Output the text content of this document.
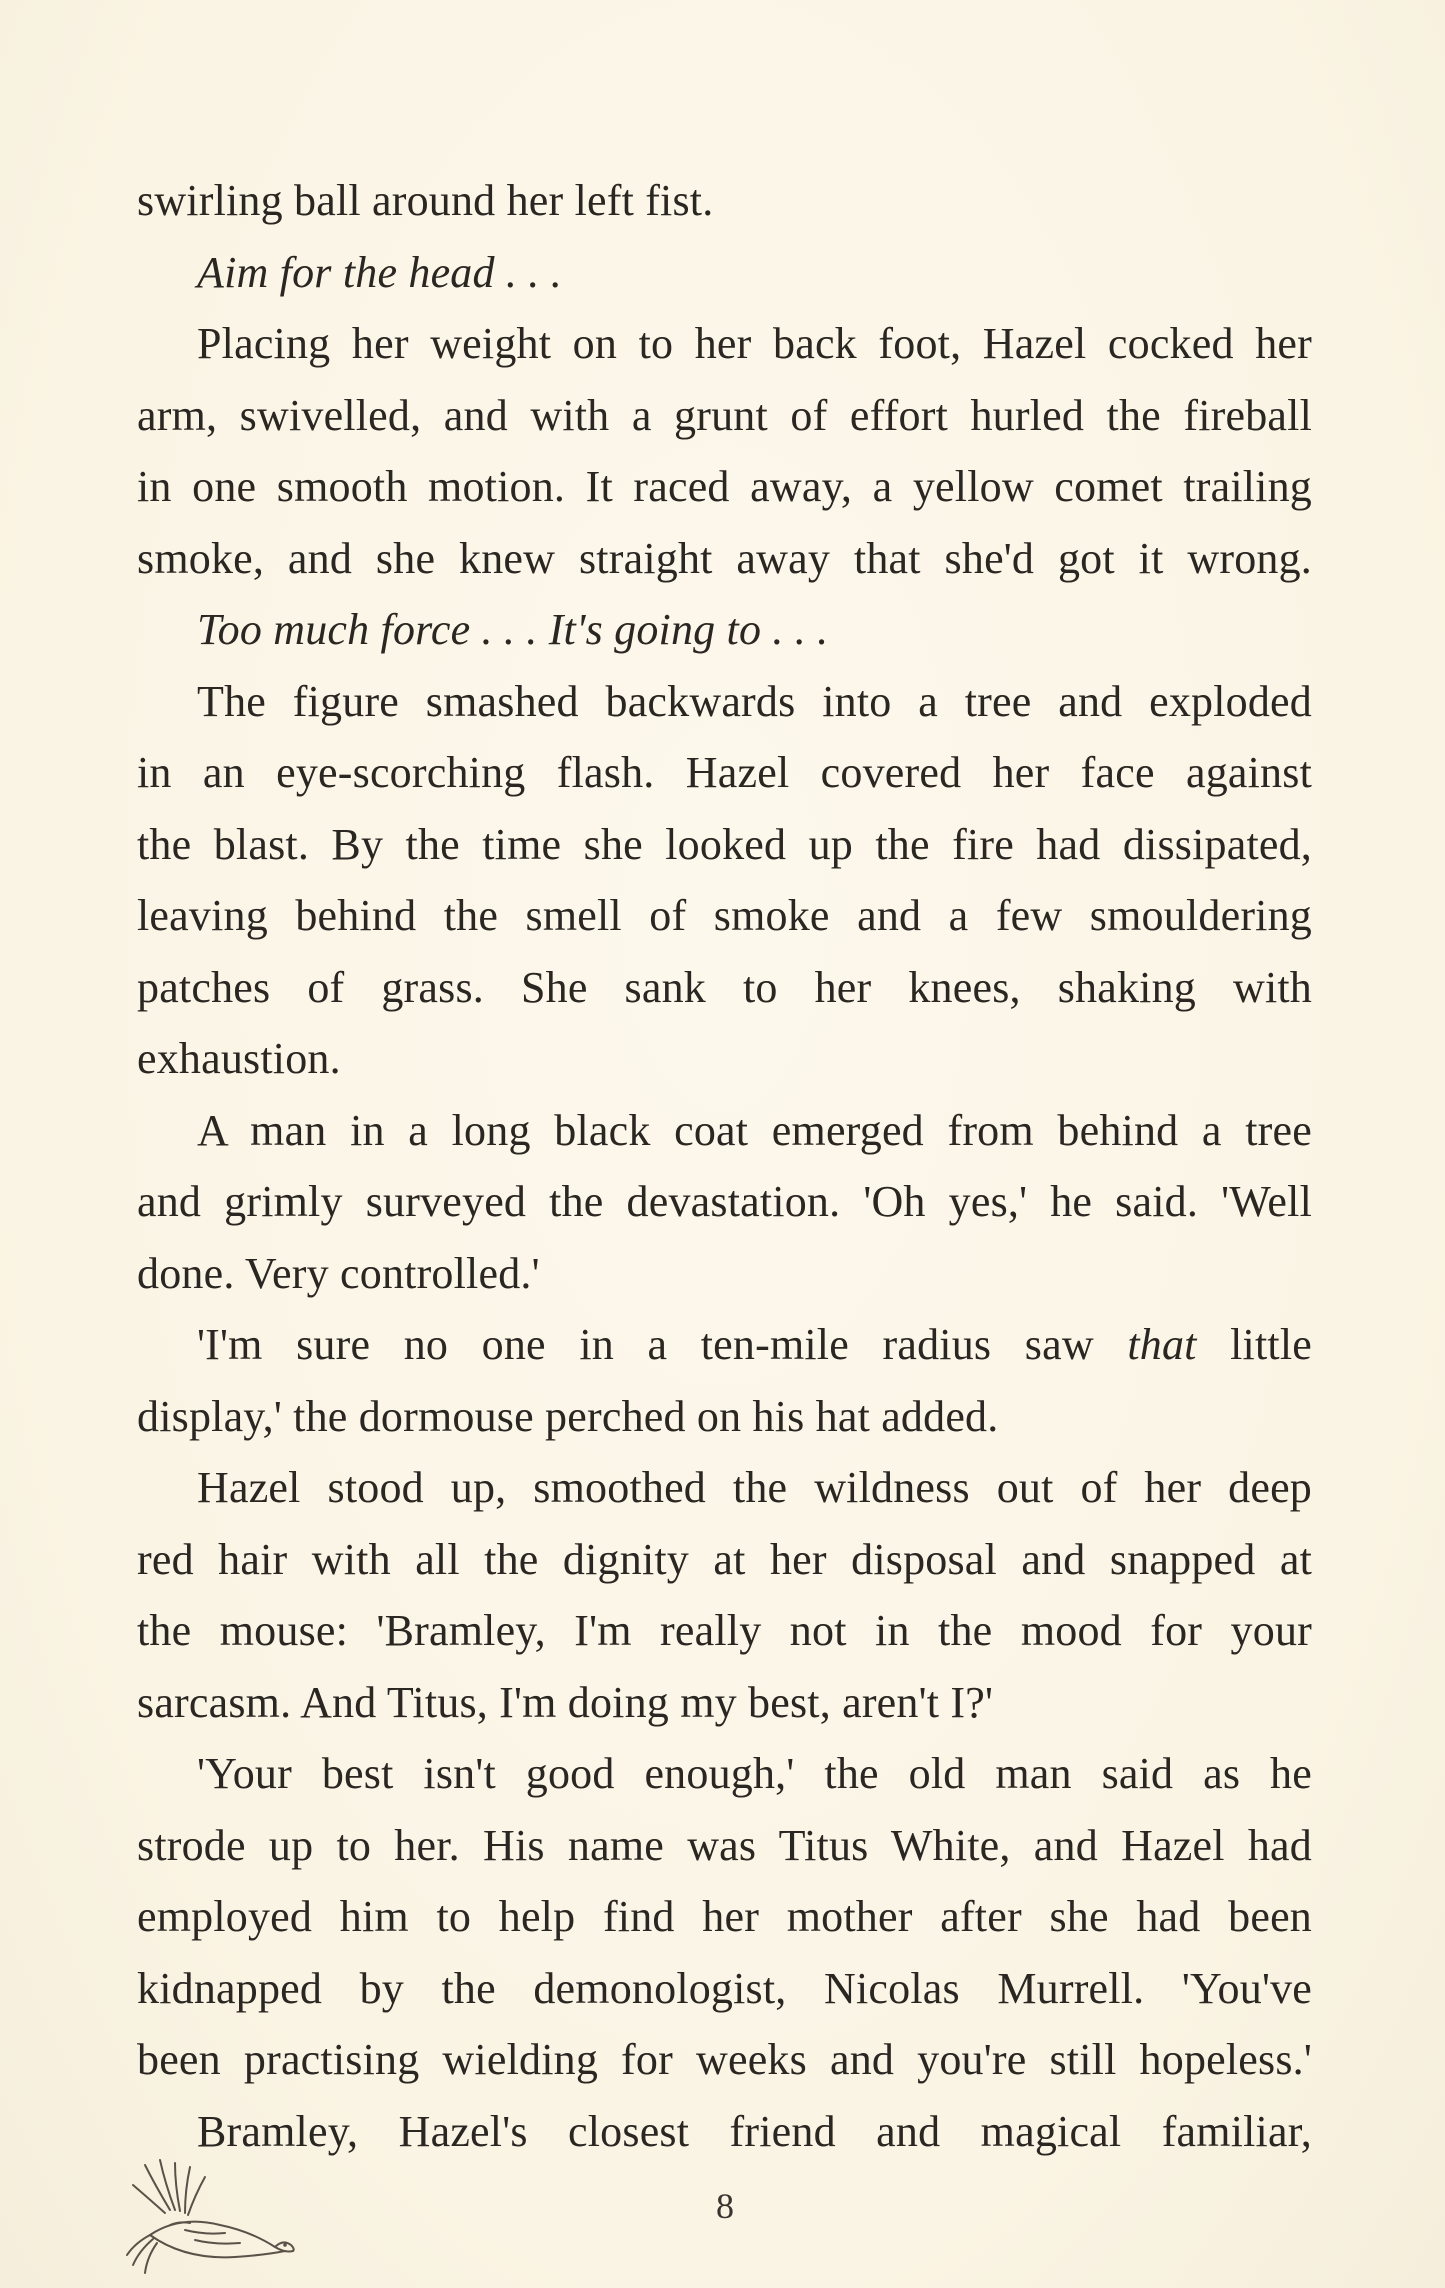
swirling ball around her left fist.
Aim for the head . . .
Placing her weight on to her back foot, Hazel cocked her
arm, swivelled, and with a grunt of effort hurled the fireball
in one smooth motion. It raced away, a yellow comet trailing
smoke, and she knew straight away that she'd got it wrong.
Too much force . . . It's going to . . .
The figure smashed backwards into a tree and exploded
in an eye-scorching flash. Hazel covered her face against
the blast. By the time she looked up the fire had dissipated,
leaving behind the smell of smoke and a few smouldering
patches of grass. She sank to her knees, shaking with
exhaustion.
A man in a long black coat emerged from behind a tree
and grimly surveyed the devastation. 'Oh yes,' he said. 'Well
done. Very controlled.'
'I'm sure no one in a ten-mile radius saw that little
display,' the dormouse perched on his hat added.
Hazel stood up, smoothed the wildness out of her deep
red hair with all the dignity at her disposal and snapped at
the mouse: 'Bramley, I'm really not in the mood for your
sarcasm. And Titus, I'm doing my best, aren't I?'
'Your best isn't good enough,' the old man said as he
strode up to her. His name was Titus White, and Hazel had
employed him to help find her mother after she had been
kidnapped by the demonologist, Nicolas Murrell. 'You've
been practising wielding for weeks and you're still hopeless.'
Bramley, Hazel's closest friend and magical familiar,
8
